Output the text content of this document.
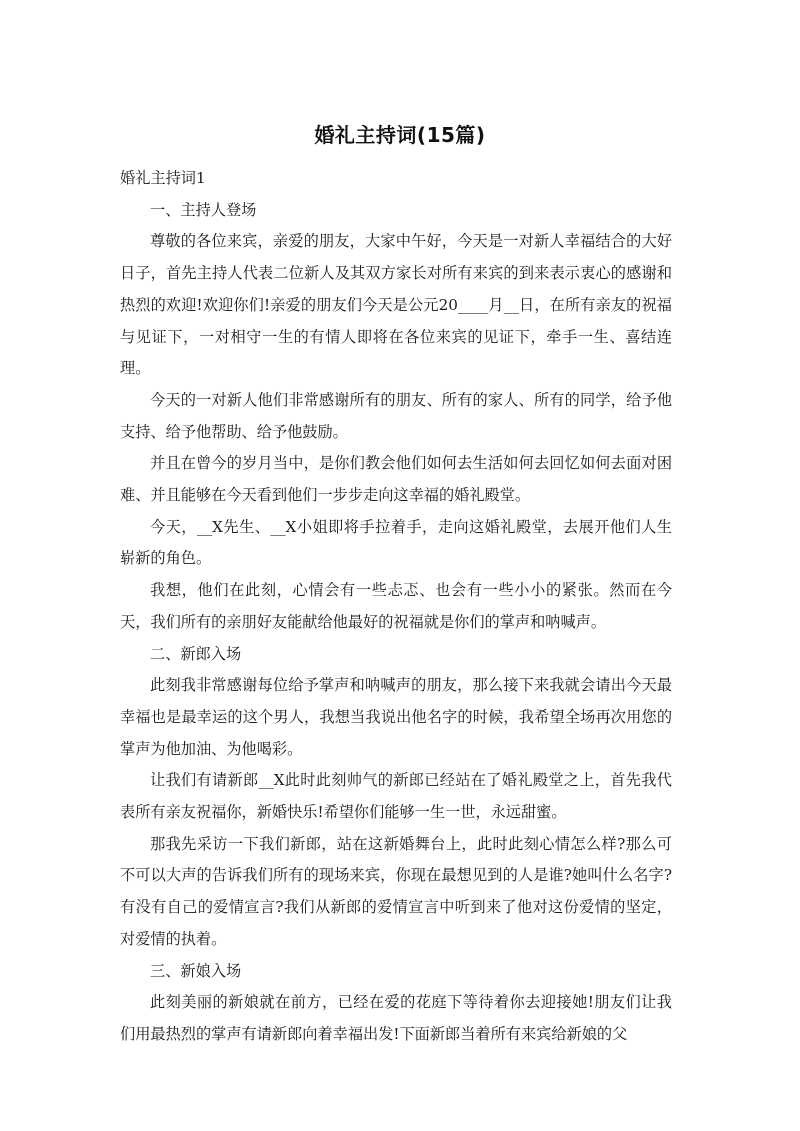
婚礼主持词(15篇)

婚礼主持词1

一、主持人登场

尊敬的各位来宾，亲爱的朋友，大家中午好，今天是一对新人幸福结合的大好日子，首先主持人代表二位新人及其双方家长对所有来宾的到来表示衷心的感谢和热烈的欢迎!欢迎你们!亲爱的朋友们今天是公元20____月__日，在所有亲友的祝福与见证下，一对相守一生的有情人即将在各位来宾的见证下，牵手一生、喜结连理。

今天的一对新人他们非常感谢所有的朋友、所有的家人、所有的同学，给予他支持、给予他帮助、给予他鼓励。

并且在曾今的岁月当中，是你们教会他们如何去生活如何去回忆如何去面对困难、并且能够在今天看到他们一步步走向这幸福的婚礼殿堂。

今天，__X先生、__X小姐即将手拉着手，走向这婚礼殿堂，去展开他们人生崭新的角色。

我想，他们在此刻，心情会有一些忐忑、也会有一些小小的紧张。然而在今天，我们所有的亲朋好友能献给他最好的祝福就是你们的掌声和呐喊声。

二、新郎入场

此刻我非常感谢每位给予掌声和呐喊声的朋友，那么接下来我就会请出今天最幸福也是最幸运的这个男人，我想当我说出他名字的时候，我希望全场再次用您的掌声为他加油、为他喝彩。

让我们有请新郎__X此时此刻帅气的新郎已经站在了婚礼殿堂之上，首先我代表所有亲友祝福你，新婚快乐!希望你们能够一生一世，永远甜蜜。

那我先采访一下我们新郎，站在这新婚舞台上，此时此刻心情怎么样?那么可不可以大声的告诉我们所有的现场来宾，你现在最想见到的人是谁?她叫什么名字?有没有自己的爱情宣言?我们从新郎的爱情宣言中听到来了他对这份爱情的坚定，对爱情的执着。

三、新娘入场

此刻美丽的新娘就在前方，已经在爱的花庭下等待着你去迎接她!朋友们让我们用最热烈的掌声有请新郎向着幸福出发!下面新郎当着所有来宾给新娘的父
